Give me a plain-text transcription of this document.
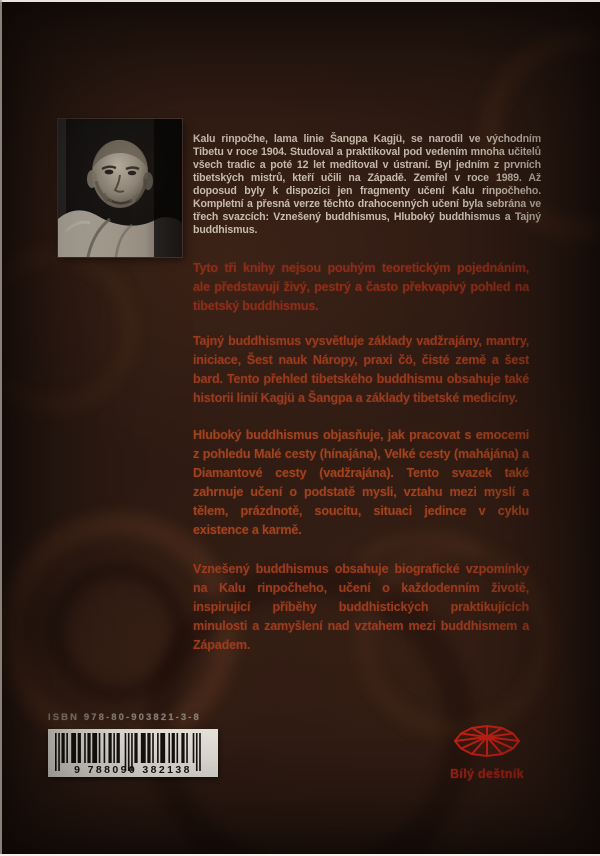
Kalu rinpočhe, lama linie Šangpa Kagjü, se narodil ve východním Tibetu v roce 1904. Studoval a praktikoval pod vedením mnoha učitelů všech tradic a poté 12 let meditoval v ústraní. Byl jedním z prvních tibetských mistrů, kteří učili na Západě. Zemřel v roce 1989. Až doposud byly k dispozici jen fragmenty učení Kalu rinpočheho. Kompletní a přesná verze těchto drahocenných učení byla sebrána ve třech svazcích: Vznešený buddhismus, Hluboký buddhismus a Tajný buddhismus.

Tyto tři knihy nejsou pouhým teoretickým pojednáním, ale představují živý, pestrý a často překvapivý pohled na tibetský buddhismus.

Tajný buddhismus vysvětluje základy vadžrajány, mantry, iniciace, Šest nauk Náropy, praxi čö, čisté země a šest bard. Tento přehled tibetského buddhismu obsahuje také historii linií Kagjü a Šangpa a základy tibetské medicíny.

Hluboký buddhismus objasňuje, jak pracovat s emocemi z pohledu Malé cesty (hínajána), Velké cesty (mahájána) a Diamantové cesty (vadžrajána). Tento svazek také zahrnuje učení o podstatě mysli, vztahu mezi myslí a tělem, prázdnotě, soucitu, situaci jedince v cyklu existence a karmě.

Vznešený buddhismus obsahuje biografické vzpomínky na Kalu rinpočheho, učení o každodenním životě, inspirující příběhy buddhistických praktikujících minulosti a zamyšlení nad vztahem mezi buddhismem a Západem.

ISBN 978-80-903821-3-8
9 788090 382138	Bílý deštník
